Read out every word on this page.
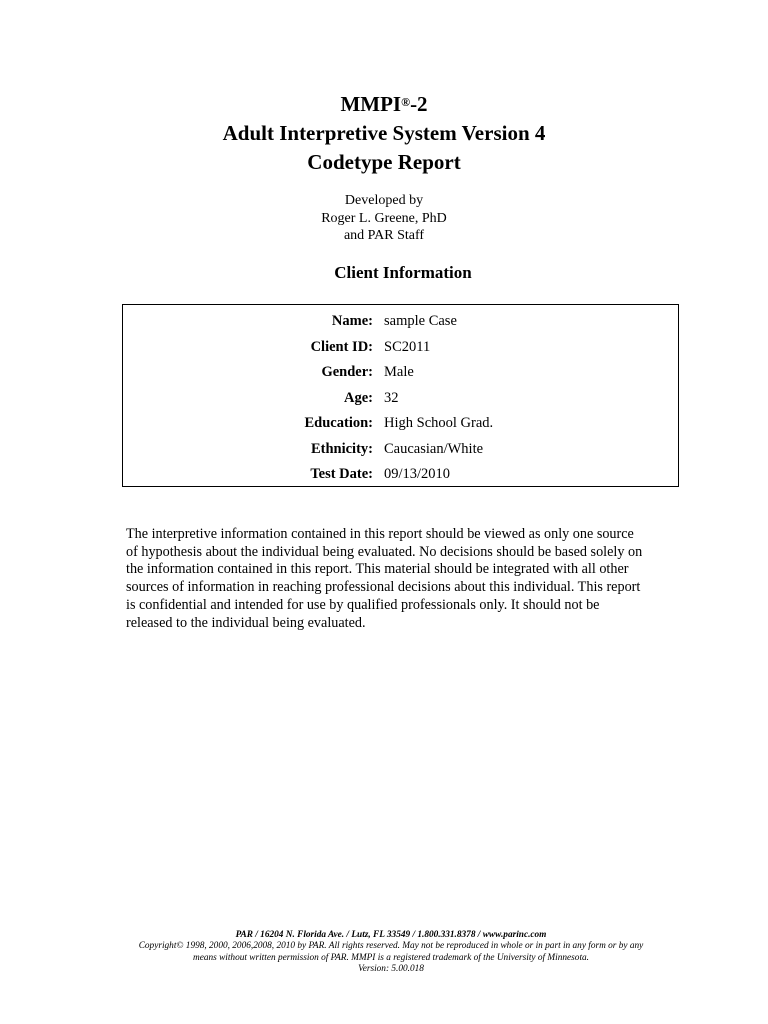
MMPI®-2
Adult Interpretive System Version 4
Codetype Report
Developed by
Roger L. Greene, PhD
and PAR Staff
Client Information
Name: sample Case
Client ID: SC2011
Gender: Male
Age: 32
Education: High School Grad.
Ethnicity: Caucasian/White
Test Date: 09/13/2010
The interpretive information contained in this report should be viewed as only one source
of hypothesis about the individual being evaluated. No decisions should be based solely on
the information contained in this report. This material should be integrated with all other
sources of information in reaching professional decisions about this individual. This report
is confidential and intended for use by qualified professionals only. It should not be
released to the individual being evaluated.
PAR / 16204 N. Florida Ave. / Lutz, FL 33549 / 1.800.331.8378 / www.parinc.com
Copyright© 1998, 2000, 2006,2008, 2010 by PAR. All rights reserved. May not be reproduced in whole or in part in any form or by any
means without written permission of PAR. MMPI is a registered trademark of the University of Minnesota.
Version: 5.00.018
